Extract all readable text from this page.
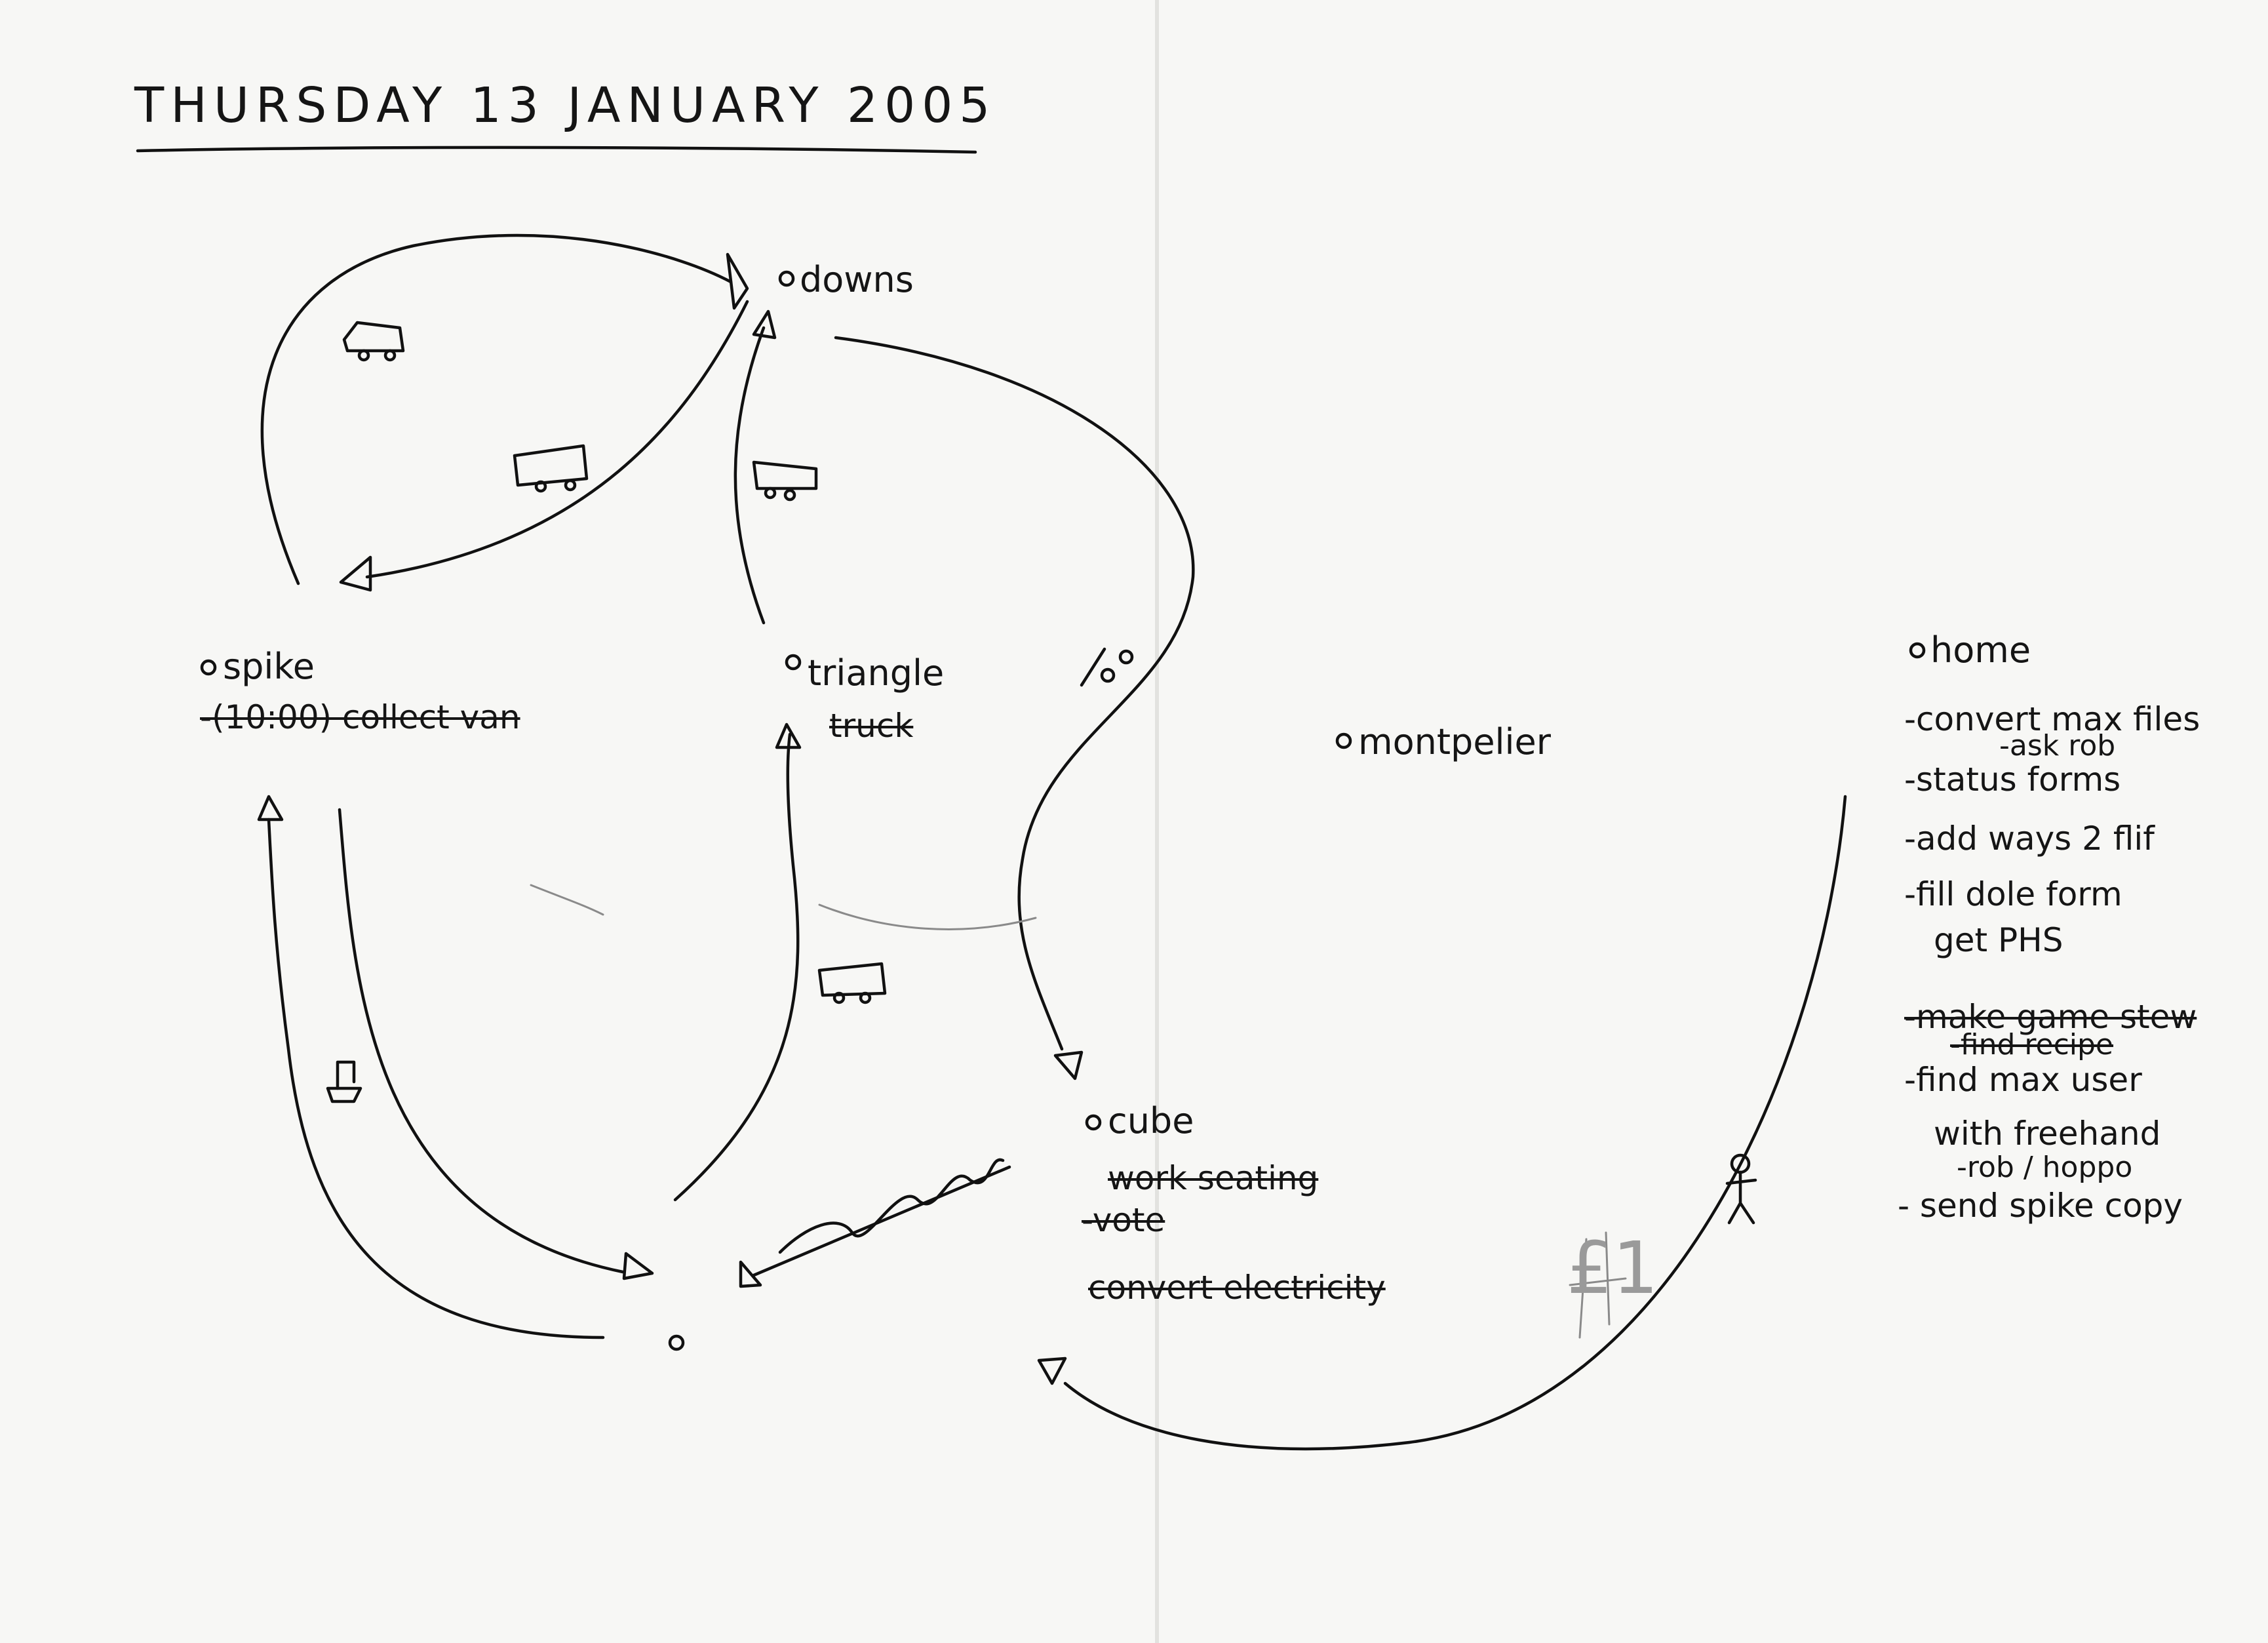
THURSDAY 13 JANUARY 2005
downs
spike
-(10:00) collect van
triangle
truck	montpelier
home
-convert max files
-ask rob
-status forms
-add ways 2 flif
-fill dole form
get PHS
-make game stew
-find recipe
-find max user
with freehand
-rob / hoppo
- send spike copy
cube
work seating
-vote
convert electricity	£1
